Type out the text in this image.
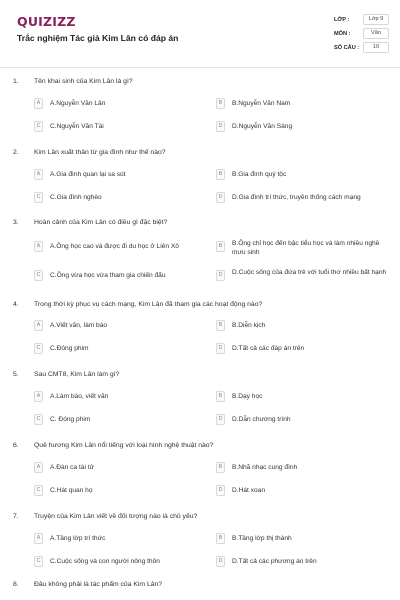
QUIZIZZ
Trắc nghiệm Tác giả Kim Lân có đáp án
LỚP :	Lớp 9
MÔN :	Văn
SỐ CÂU :	10
1. Tên khai sinh của Kim Lân là gì?
A	A.Nguyễn Văn Lân	B	B.Nguyễn Văn Nam
C	C.Nguyễn Văn Tài	D	D.Nguyễn Văn Sáng
2. Kim Lân xuất thân từ gia đình như thế nào?
A	A.Gia đình quan lại sa sút	B	B.Gia đình quý tộc
C	C.Gia đình nghèo	D	D.Gia đình trí thức, truyền thống cách mạng
3. Hoàn cảnh của Kim Lân có điều gì đặc biệt?
A	A.Ông học cao và được đi du học ở Liên Xô	B	B.Ông chỉ học đến bậc tiểu học và làm nhiều nghề mưu sinh
C	C.Ông vừa học vừa tham gia chiến đấu	D	D.Cuộc sống của đứa trẻ với tuổi thơ nhiều bất hạnh
4. Trong thời kỳ phục vụ cách mạng, Kim Lân đã tham gia các hoạt động nào?
A	A.Viết văn, làm báo	B	B.Diễn kịch
C	C.Đóng phim	D	D.Tất cả các đáp án trên
5. Sau CMT8, Kim Lân làm gì?
A	A.Làm báo, viết văn	B	B.Dạy học
C	C. Đóng phim	D	D.Dẫn chương trình
6. Quê hương Kim Lân nổi tiếng với loại hình nghệ thuật nào?
A	A.Đàn ca tài tử	B	B.Nhã nhạc cung đình
C	C.Hát quan họ	D	D.Hát xoan
7. Truyện của Kim Lân viết về đối tượng nào là chủ yếu?
A	A.Tầng lớp trí thức	B	B.Tầng lớp thị thành
C	C.Cuộc sống và con người nông thôn	D	D.Tất cả các phương án trên
8. Đâu không phải là tác phẩm của Kim Lân?
